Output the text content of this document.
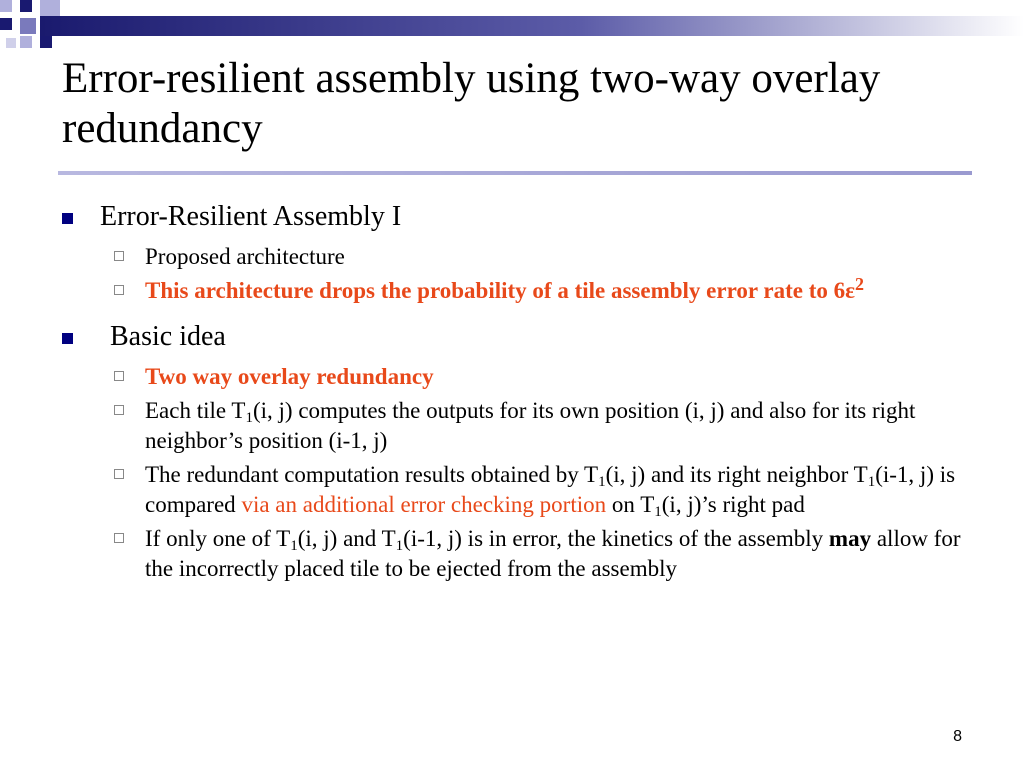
Error-resilient assembly using two-way overlay redundancy
Error-Resilient Assembly I
Proposed architecture
This architecture drops the probability of a tile assembly error rate to $6\varepsilon^2$
Basic idea
Two way overlay redundancy
Each tile $T_1(i$, j) computes the outputs for its own position (i, j) and also for its right neighbor’s position (i-1, j)
The redundant computation results obtained by $T_1(i$, j) and its right neighbor $T_1(i-1$, j) is compared via an additional error checking portion on $T_1(i$, j)’s right pad
If only one of $T_1(i$, j) and $T_1(i-1$, j) is in error, the kinetics of the assembly may allow for the incorrectly placed tile to be ejected from the assembly
8
